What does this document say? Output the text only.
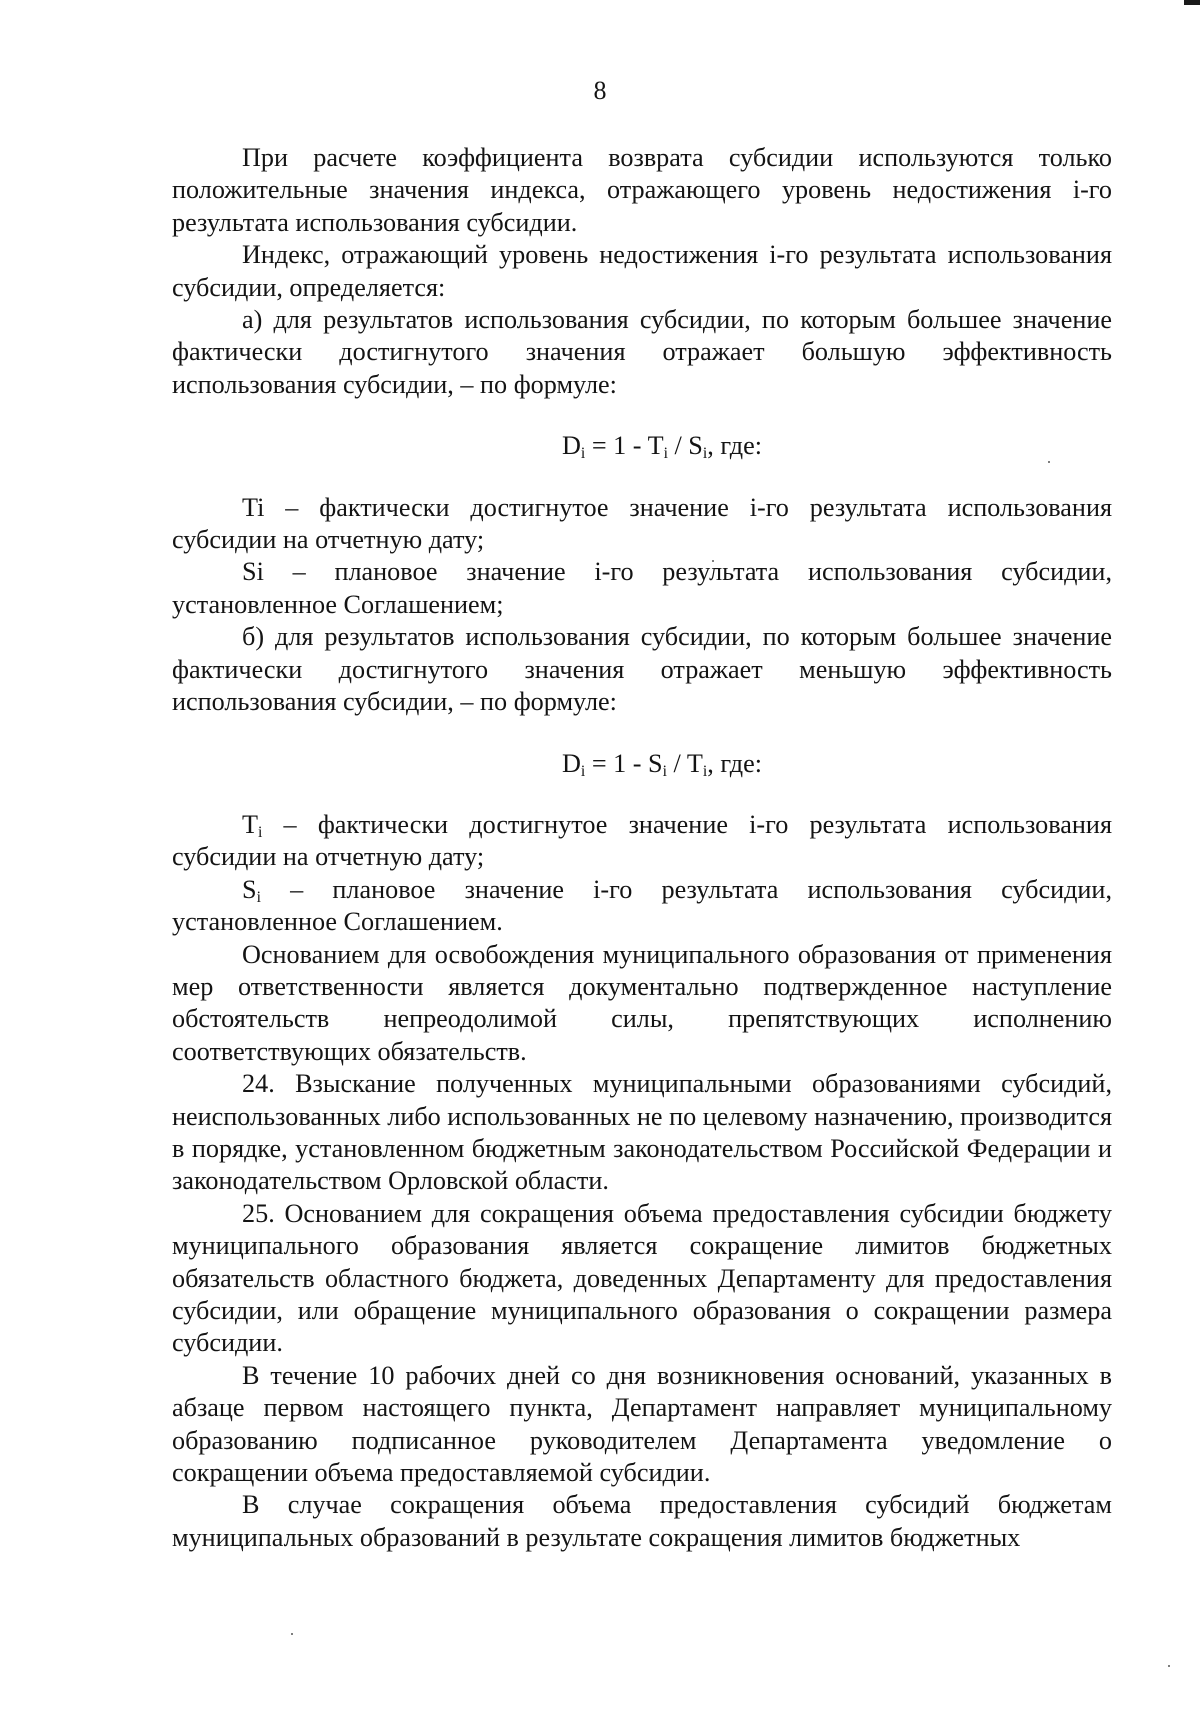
8

При расчете коэффициента возврата субсидии используются только положительные значения индекса, отражающего уровень недостижения i-го результата использования субсидии.

Индекс, отражающий уровень недостижения i-го результата использования субсидии, определяется:

а) для результатов использования субсидии, по которым большее значение фактически достигнутого значения отражает большую эффективность использования субсидии, – по формуле:

$D_i = 1 - T_i / S_i$, где:

Ti – фактически достигнутое значение i-го результата использования субсидии на отчетную дату;

Si – плановое значение i-го результата использования субсидии, установленное Соглашением;

б) для результатов использования субсидии, по которым большее значение фактически достигнутого значения отражает меньшую эффективность использования субсидии, – по формуле:

$D_i = 1 - S_i / T_i$, где:

$T_i$ – фактически достигнутое значение i-го результата использования субсидии на отчетную дату;

$S_i$ – плановое значение i-го результата использования субсидии, установленное Соглашением.

Основанием для освобождения муниципального образования от применения мер ответственности является документально подтвержденное наступление обстоятельств непреодолимой силы, препятствующих исполнению соответствующих обязательств.

24. Взыскание полученных муниципальными образованиями субсидий, неиспользованных либо использованных не по целевому назначению, производится в порядке, установленном бюджетным законодательством Российской Федерации и законодательством Орловской области.

25. Основанием для сокращения объема предоставления субсидии бюджету муниципального образования является сокращение лимитов бюджетных обязательств областного бюджета, доведенных Департаменту для предоставления субсидии, или обращение муниципального образования о сокращении размера субсидии.

В течение 10 рабочих дней со дня возникновения оснований, указанных в абзаце первом настоящего пункта, Департамент направляет муниципальному образованию подписанное руководителем Департамента уведомление о сокращении объема предоставляемой субсидии.

В случае сокращения объема предоставления субсидий бюджетам муниципальных образований в результате сокращения лимитов бюджетных
